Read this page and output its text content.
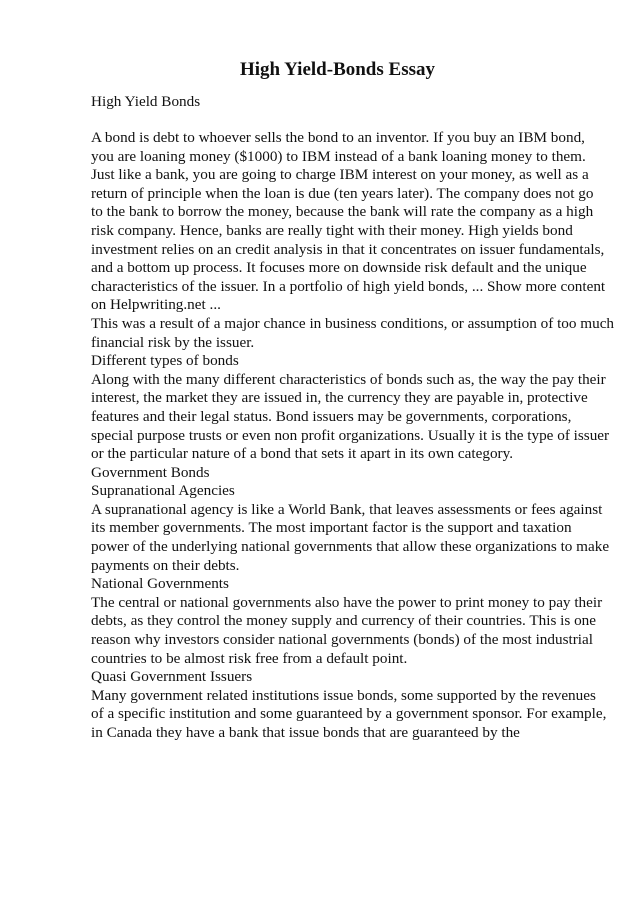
High Yield-Bonds Essay
High Yield Bonds
A bond is debt to whoever sells the bond to an inventor. If you buy an IBM bond,
you are loaning money ($1000) to IBM instead of a bank loaning money to them.
Just like a bank, you are going to charge IBM interest on your money, as well as a
return of principle when the loan is due (ten years later). The company does not go
to the bank to borrow the money, because the bank will rate the company as a high
risk company. Hence, banks are really tight with their money. High yields bond
investment relies on an credit analysis in that it concentrates on issuer fundamentals,
and a bottom up process. It focuses more on downside risk default and the unique
characteristics of the issuer. In a portfolio of high yield bonds, ... Show more content
on Helpwriting.net ...
This was a result of a major chance in business conditions, or assumption of too much
financial risk by the issuer.
Different types of bonds
Along with the many different characteristics of bonds such as, the way the pay their
interest, the market they are issued in, the currency they are payable in, protective
features and their legal status. Bond issuers may be governments, corporations,
special purpose trusts or even non profit organizations. Usually it is the type of issuer
or the particular nature of a bond that sets it apart in its own category.
Government Bonds
Supranational Agencies
A supranational agency is like a World Bank, that leaves assessments or fees against
its member governments. The most important factor is the support and taxation
power of the underlying national governments that allow these organizations to make
payments on their debts.
National Governments
The central or national governments also have the power to print money to pay their
debts, as they control the money supply and currency of their countries. This is one
reason why investors consider national governments (bonds) of the most industrial
countries to be almost risk free from a default point.
Quasi Government Issuers
Many government related institutions issue bonds, some supported by the revenues
of a specific institution and some guaranteed by a government sponsor. For example,
in Canada they have a bank that issue bonds that are guaranteed by the
